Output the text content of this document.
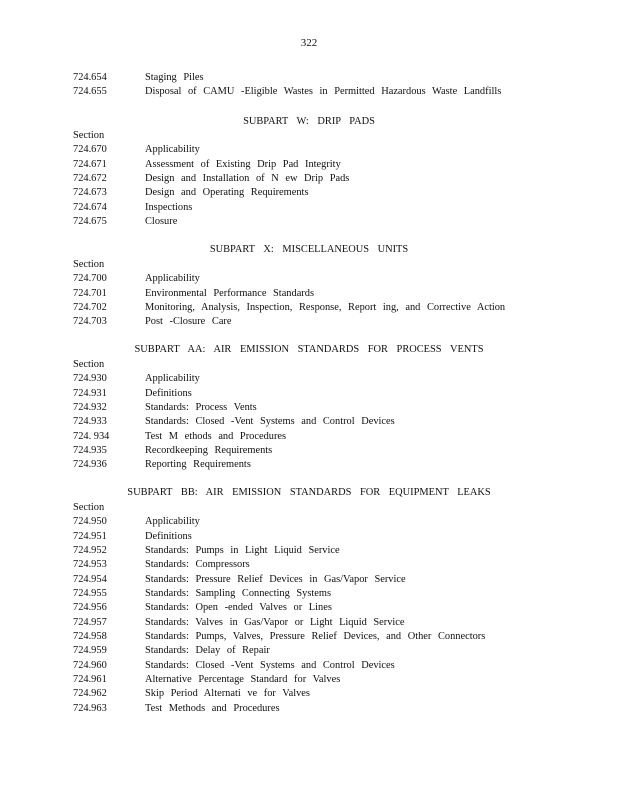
322
724.654	Staging Piles
724.655	Disposal of CAMU -Eligible Wastes in Permitted Hazardous Waste Landfills
SUBPART W: DRIP PADS
Section
724.670	Applicability
724.671	Assessment of Existing Drip Pad Integrity
724.672	Design and Installation of N ew Drip Pads
724.673	Design and Operating Requirements
724.674	Inspections
724.675	Closure
SUBPART X: MISCELLANEOUS UNITS
Section
724.700	Applicability
724.701	Environmental Performance Standards
724.702	Monitoring, Analysis, Inspection, Response, Report ing, and Corrective Action
724.703	Post -Closure Care
SUBPART AA: AIR EMISSION STANDARDS FOR PROCESS VENTS
Section
724.930	Applicability
724.931	Definitions
724.932	Standards: Process Vents
724.933	Standards: Closed -Vent Systems and Control Devices
724. 934	Test M ethods and Procedures
724.935	Recordkeeping Requirements
724.936	Reporting Requirements
SUBPART BB: AIR EMISSION STANDARDS FOR EQUIPMENT LEAKS
Section
724.950	Applicability
724.951	Definitions
724.952	Standards: Pumps in Light Liquid Service
724.953	Standards: Compressors
724.954	Standards: Pressure Relief Devices in Gas/Vapor Service
724.955	Standards: Sampling Connecting Systems
724.956	Standards: Open -ended Valves or Lines
724.957	Standards: Valves in Gas/Vapor or Light Liquid Service
724.958	Standards: Pumps, Valves, Pressure Relief Devices, and Other Connectors
724.959	Standards: Delay of Repair
724.960	Standards: Closed -Vent Systems and Control Devices
724.961	Alternative Percentage Standard for Valves
724.962	Skip Period Alternati ve for Valves
724.963	Test Methods and Procedures
